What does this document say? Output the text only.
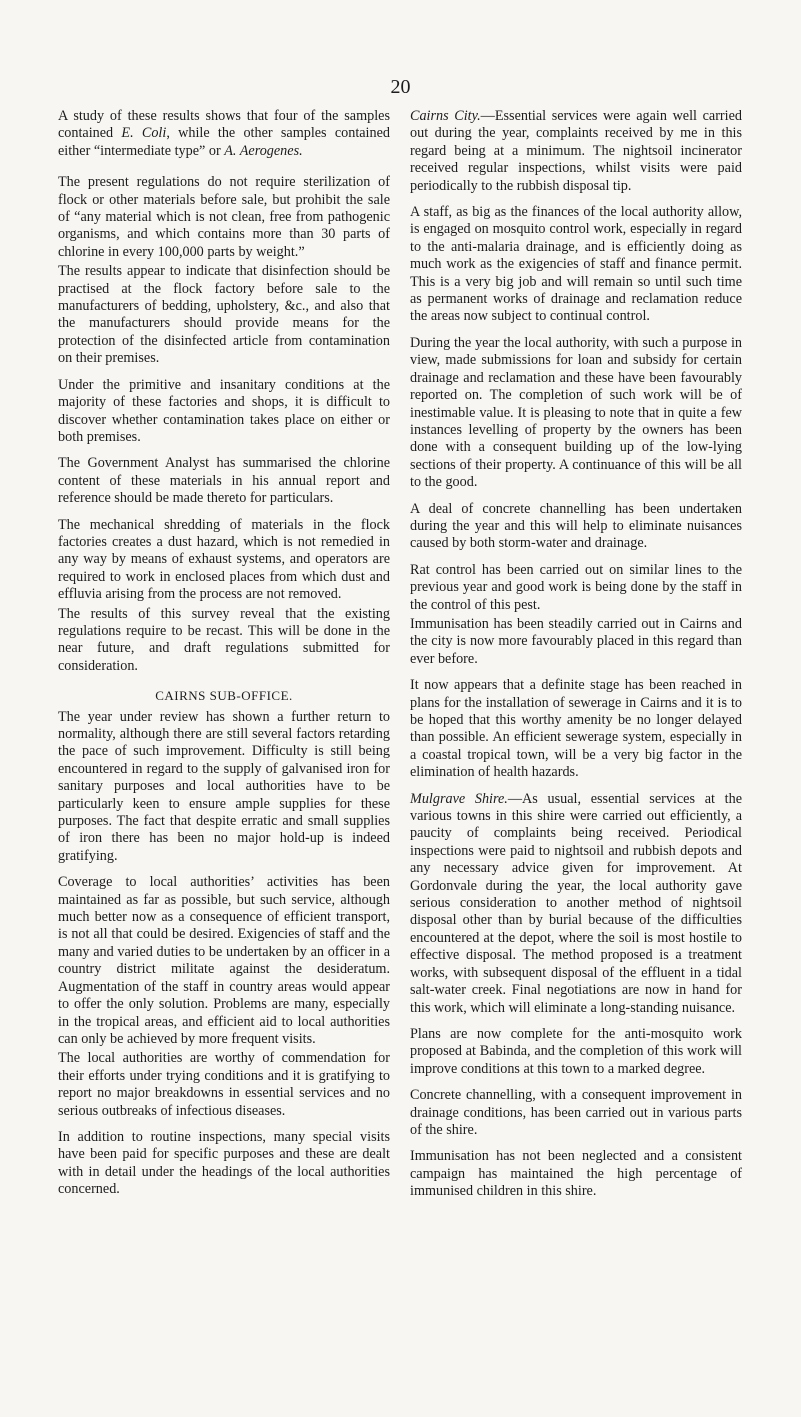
20

A study of these results shows that four of the samples contained E. Coli, while the other samples contained either “intermediate type” or A. Aerogenes.

The present regulations do not require sterilization of flock or other materials before sale, but prohibit the sale of “any material which is not clean, free from pathogenic organisms, and which contains more than 30 parts of chlorine in every 100,000 parts by weight.”

The results appear to indicate that disinfection should be practised at the flock factory before sale to the manufacturers of bedding, upholstery, &c., and also that the manufacturers should provide means for the protection of the disinfected article from contamination on their premises.

Under the primitive and insanitary conditions at the majority of these factories and shops, it is difficult to discover whether contamination takes place on either or both premises.

The Government Analyst has summarised the chlorine content of these materials in his annual report and reference should be made thereto for particulars.

The mechanical shredding of materials in the flock factories creates a dust hazard, which is not remedied in any way by means of exhaust systems, and operators are required to work in enclosed places from which dust and effluvia arising from the process are not removed.

The results of this survey reveal that the existing regulations require to be recast. This will be done in the near future, and draft regulations submitted for consideration.

CAIRNS SUB-OFFICE.

The year under review has shown a further return to normality, although there are still several factors retarding the pace of such improvement. Difficulty is still being encountered in regard to the supply of galvanised iron for sanitary purposes and local authorities have to be particularly keen to ensure ample supplies for these purposes. The fact that despite erratic and small supplies of iron there has been no major hold-up is indeed gratifying.

Coverage to local authorities’ activities has been maintained as far as possible, but such service, although much better now as a consequence of efficient transport, is not all that could be desired. Exigencies of staff and the many and varied duties to be undertaken by an officer in a country district militate against the desideratum. Augmentation of the staff in country areas would appear to offer the only solution. Problems are many, especially in the tropical areas, and efficient aid to local authorities can only be achieved by more frequent visits.

The local authorities are worthy of commendation for their efforts under trying conditions and it is gratifying to report no major breakdowns in essential services and no serious outbreaks of infectious diseases.

In addition to routine inspections, many special visits have been paid for specific purposes and these are dealt with in detail under the headings of the local authorities concerned.

Cairns City.—Essential services were again well carried out during the year, complaints received by me in this regard being at a minimum. The nightsoil incinerator received regular inspections, whilst visits were paid periodically to the rubbish disposal tip.

A staff, as big as the finances of the local authority allow, is engaged on mosquito control work, especially in regard to the anti-malaria drainage, and is efficiently doing as much work as the exigencies of staff and finance permit. This is a very big job and will remain so until such time as permanent works of drainage and reclamation reduce the areas now subject to continual control.

During the year the local authority, with such a purpose in view, made submissions for loan and subsidy for certain drainage and reclamation and these have been favourably reported on. The completion of such work will be of inestimable value. It is pleasing to note that in quite a few instances levelling of property by the owners has been done with a consequent building up of the low-lying sections of their property. A continuance of this will be all to the good.

A deal of concrete channelling has been undertaken during the year and this will help to eliminate nuisances caused by both storm-water and drainage.

Rat control has been carried out on similar lines to the previous year and good work is being done by the staff in the control of this pest.

Immunisation has been steadily carried out in Cairns and the city is now more favourably placed in this regard than ever before.

It now appears that a definite stage has been reached in plans for the installation of sewerage in Cairns and it is to be hoped that this worthy amenity be no longer delayed than possible. An efficient sewerage system, especially in a coastal tropical town, will be a very big factor in the elimination of health hazards.

Mulgrave Shire.—As usual, essential services at the various towns in this shire were carried out efficiently, a paucity of complaints being received. Periodical inspections were paid to nightsoil and rubbish depots and any necessary advice given for improvement. At Gordonvale during the year, the local authority gave serious consideration to another method of nightsoil disposal other than by burial because of the difficulties encountered at the depot, where the soil is most hostile to effective disposal. The method proposed is a treatment works, with subsequent disposal of the effluent in a tidal salt-water creek. Final negotiations are now in hand for this work, which will eliminate a long-standing nuisance.

Plans are now complete for the anti-mosquito work proposed at Babinda, and the completion of this work will improve conditions at this town to a marked degree.

Concrete channelling, with a consequent improvement in drainage conditions, has been carried out in various parts of the shire.

Immunisation has not been neglected and a consistent campaign has maintained the high percentage of immunised children in this shire.
